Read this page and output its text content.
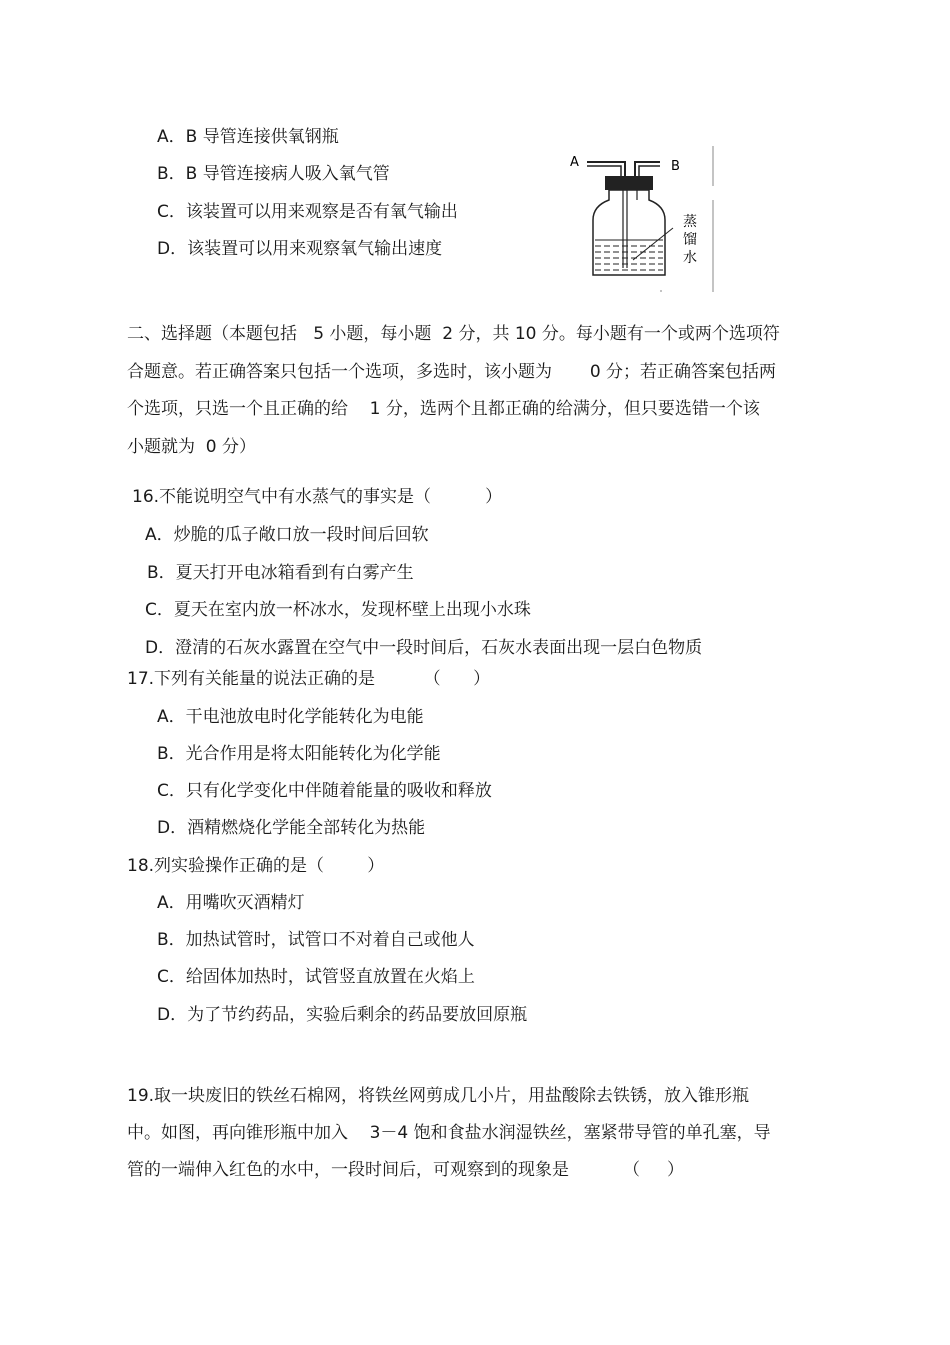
A．B 导管连接供氧钢瓶
B．B 导管连接病人吸入氧气管
C．该装置可以用来观察是否有氧气输出
D．该装置可以用来观察氧气输出速度
A	B
蒸
馏
水
二、选择题（本题包括   5 小题，每小题  2 分，共 10 分。每小题有一个或两个选项符
合题意。若正确答案只包括一个选项，多选时，该小题为       0 分；若正确答案包括两
个选项，只选一个且正确的给    1 分，选两个且都正确的给满分，但只要选错一个该
小题就为  0 分）
16.不能说明空气中有水蒸气的事实是（          ）
A．炒脆的瓜子敞口放一段时间后回软
B．夏天打开电冰箱看到有白雾产生
C．夏天在室内放一杯冰水，发现杯壁上出现小水珠
D．澄清的石灰水露置在空气中一段时间后，石灰水表面出现一层白色物质
17.下列有关能量的说法正确的是         （      ）
A．干电池放电时化学能转化为电能
B．光合作用是将太阳能转化为化学能
C．只有化学变化中伴随着能量的吸收和释放
D．酒精燃烧化学能全部转化为热能
18.列实验操作正确的是（        ）
A．用嘴吹灭酒精灯
B．加热试管时，试管口不对着自己或他人
C．给固体加热时，试管竖直放置在火焰上
D．为了节约药品，实验后剩余的药品要放回原瓶
19.取一块废旧的铁丝石棉网，将铁丝网剪成几小片，用盐酸除去铁锈，放入锥形瓶
中。如图，再向锥形瓶中加入    3－4 饱和食盐水润湿铁丝，塞紧带导管的单孔塞，导
管的一端伸入红色的水中，一段时间后，可观察到的现象是          （     ）
